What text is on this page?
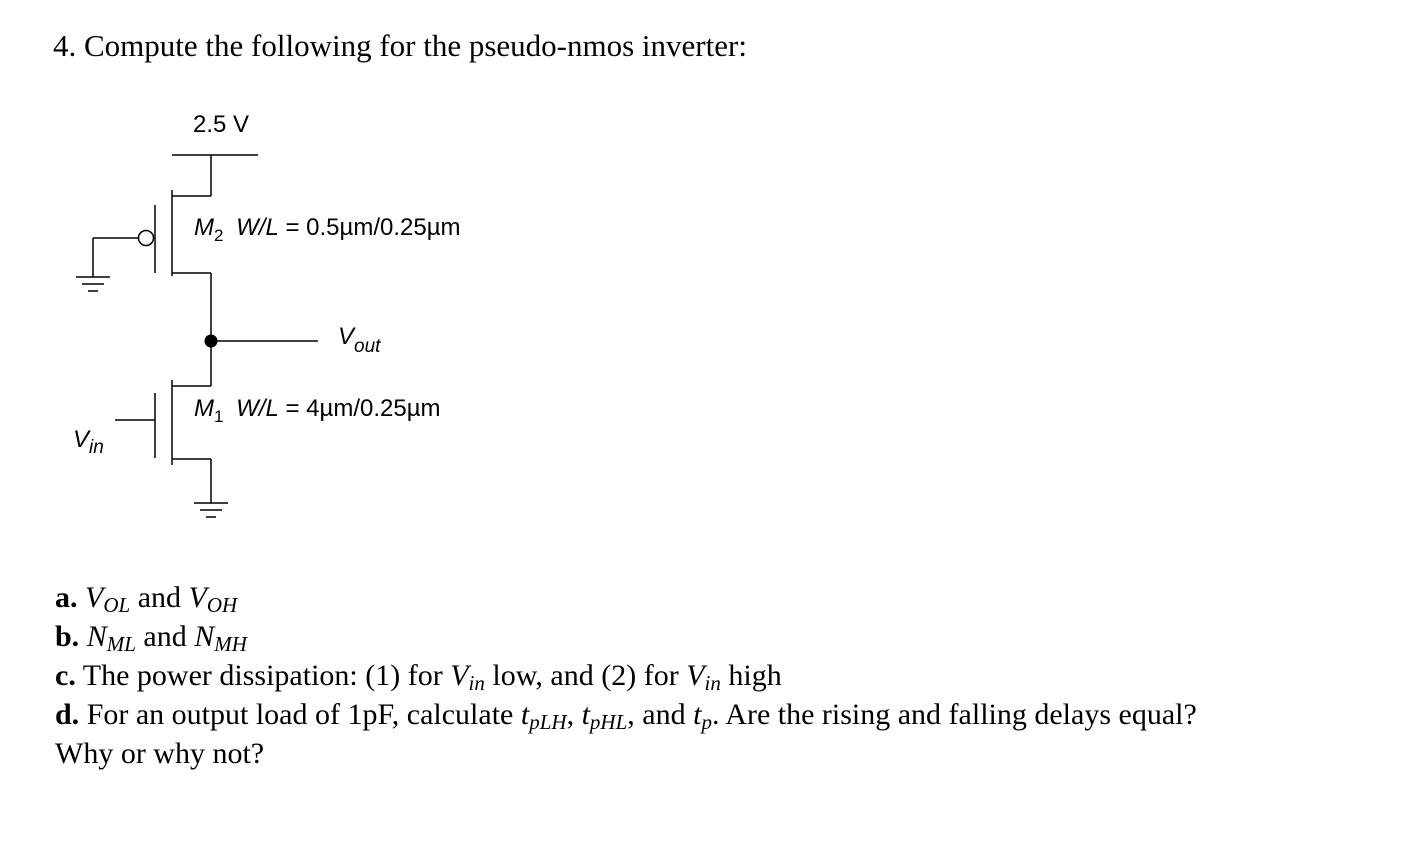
4. Compute the following for the pseudo-nmos inverter:
2.5 V
$M_2$ W/L = 0.5µm/0.25µm
$V_{out}$
$M_1$ W/L = 4µm/0.25µm
$V_{in}$
a. $V_{OL}$ and $V_{OH}$
b. $N_{ML}$ and $N_{MH}$
c. The power dissipation: (1) for $V_{in}$ low, and (2) for $V_{in}$ high
d. For an output load of 1pF, calculate $t_{pLH}$, $t_{pHL}$, and $t_p$. Are the rising and falling delays equal?
Why or why not?
